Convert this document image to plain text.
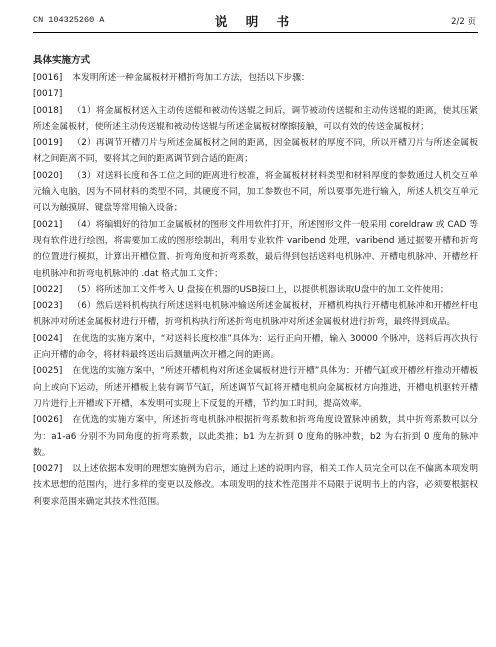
CN 104325260 A	说 明 书	2/2 页
具体实施方式

[0016] 本发明所述一种金属板材开槽折弯加工方法，包括以下步骤：

[0017]

[0018] （1）将金属板材送入主动传送辊和被动传送辊之间后，调节被动传送辊和主动传送辊的距离，使其压紧所述金属板材，使所述主动传送辊和被动传送辊与所述金属板材摩擦接触，可以有效的传送金属板材；

[0019] （2）再调节开槽刀片与所述金属板材之间的距离，因金属板材的厚度不同，所以开槽刀片与所述金属板材之间距离不同，要将其之间的距离调节到合适的距离；

[0020] （3）对送料长度和各工位之间的距离进行校准，将金属板材材料类型和材料厚度的参数通过人机交互单元输入电脑，因为不同材料的类型不同，其硬度不同，加工参数也不同，所以要事先进行输入，所述人机交互单元可以为触摸屏、键盘等常用输入设备；

[0021] （4）将编辑好的待加工金属板材的图形文件用软件打开，所述图形文件一般采用 coreldraw 或 CAD 等现有软件进行绘图，将需要加工成的图形绘制出，利用专业软件 varibend 处理，varibend 通过据要开槽和折弯的位置进行模拟，计算出开槽位置、折弯角度和折弯系数，最后得到包括送料电机脉冲、开槽电机脉冲、开槽丝杆电机脉冲和折弯电机脉冲的 .dat 格式加工文件；

[0022] （5）将所述加工文件考入 U 盘接在机器的USB接口上，以提供机器读取U盘中的加工文件使用；

[0023] （6）然后送料机构执行所述送料电机脉冲输送所述金属板材，开槽机构执行开槽电机脉冲和开槽丝杆电机脉冲对所述金属板材进行开槽，折弯机构执行所述折弯电机脉冲对所述金属板材进行折弯，最终得到成品。

[0024] 在优选的实施方案中，“对送料长度校准”具体为：运行正向开槽，输入 30000 个脉冲，送料后再次执行正向开槽的命令，将材料最终送出后测量两次开槽之间的距离。

[0025] 在优选的实施方案中，“所述开槽机构对所述金属板材进行开槽”具体为：开槽气缸或开槽丝杆推动开槽板向上或向下运动，所述开槽板上装有调节气缸，所述调节气缸将开槽电机向金属板材方向推进，开槽电机驱转开槽刀片进行上开槽或下开槽，本发明可实现上下反复的开槽，节约加工时间，提高效率。

[0026] 在优选的实施方案中，所述折弯电机脉冲根据折弯系数和折弯角度设置脉冲函数，其中折弯系数可以分为：a1-a6 分别不为同角度的折弯系数，以此类推；b1 为左折到 0 度角的脉冲数，b2 为右折到 0 度角的脉冲数。

[0027] 以上述依据本发明的理想实施例为启示，通过上述的说明内容，相关工作人员完全可以在不偏离本项发明技术思想的范围内，进行多样的变更以及修改。本项发明的技术性范围并不局限于说明书上的内容，必须要根据权利要求范围来确定其技术性范围。
